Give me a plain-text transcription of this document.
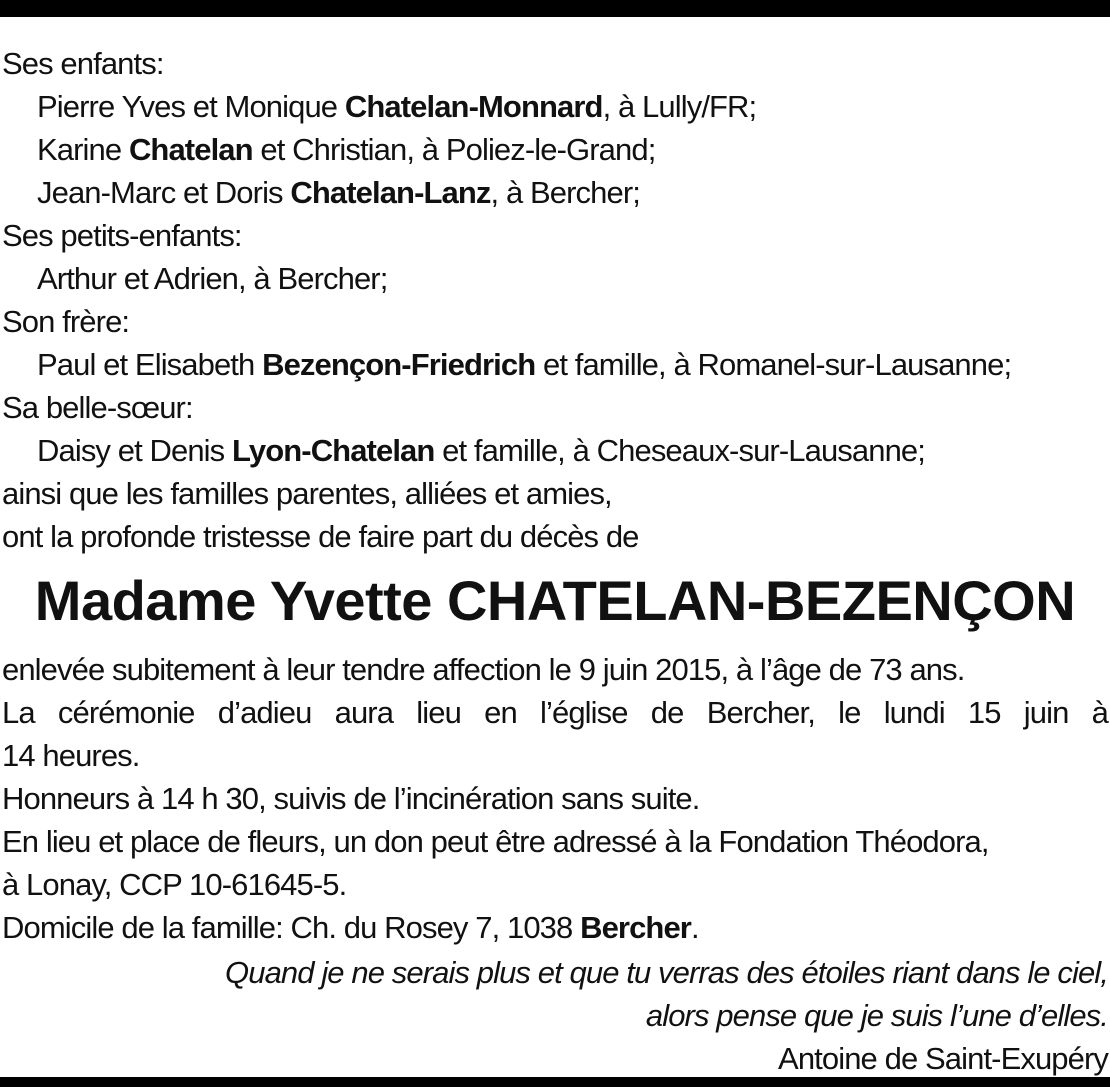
Ses enfants:
Pierre Yves et Monique Chatelan-Monnard, à Lully/FR;
Karine Chatelan et Christian, à Poliez-le-Grand;
Jean-Marc et Doris Chatelan-Lanz, à Bercher;
Ses petits-enfants:
Arthur et Adrien, à Bercher;
Son frère:
Paul et Elisabeth Bezençon-Friedrich et famille, à Romanel-sur-Lausanne;
Sa belle-sœur:
Daisy et Denis Lyon-Chatelan et famille, à Cheseaux-sur-Lausanne;
ainsi que les familles parentes, alliées et amies,
ont la profonde tristesse de faire part du décès de
Madame Yvette CHATELAN-BEZENÇON
enlevée subitement à leur tendre affection le 9 juin 2015, à l’âge de 73 ans.
La cérémonie d’adieu aura lieu en l’église de Bercher, le lundi 15 juin à
14 heures.
Honneurs à 14 h 30, suivis de l’incinération sans suite.
En lieu et place de fleurs, un don peut être adressé à la Fondation Théodora,
à Lonay, CCP 10-61645-5.
Domicile de la famille: Ch. du Rosey 7, 1038 Bercher.
Quand je ne serais plus et que tu verras des étoiles riant dans le ciel,
alors pense que je suis l’une d’elles.
Antoine de Saint-Exupéry
